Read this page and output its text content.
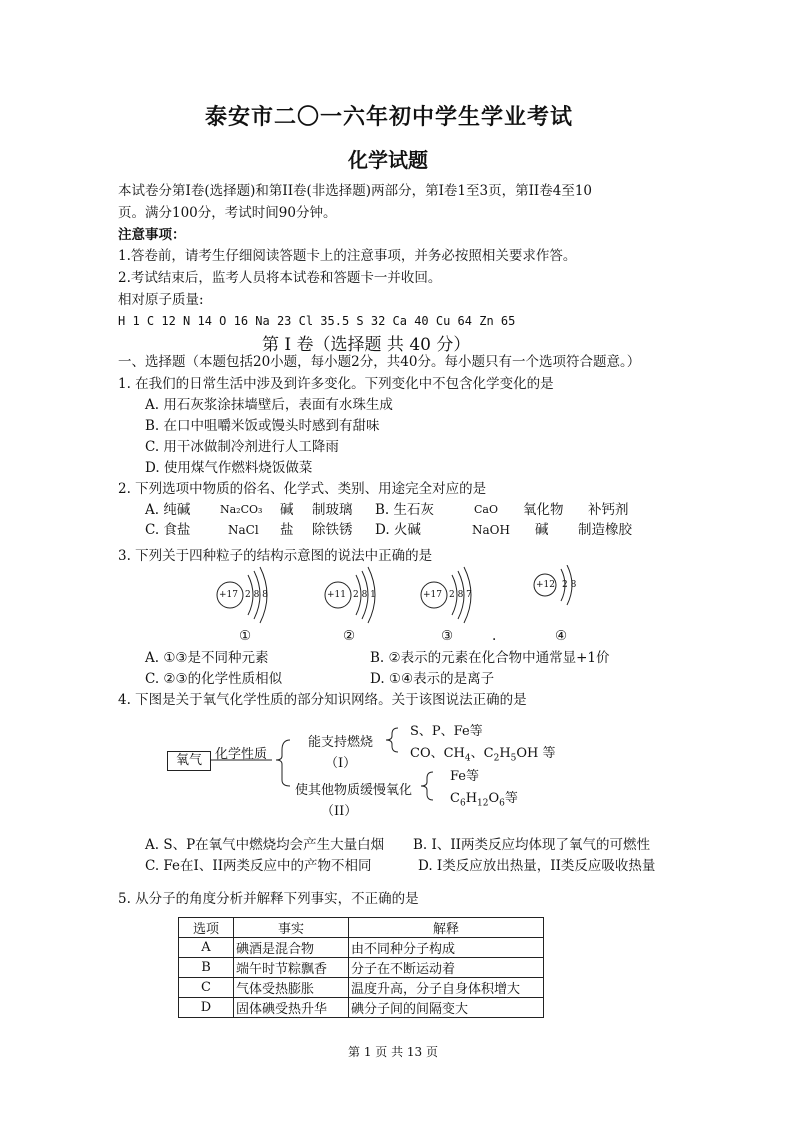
泰安市二〇一六年初中学生学业考试
化学试题
本试卷分第I卷(选择题)和第II卷(非选择题)两部分，第I卷1至3页，第II卷4至10
页。满分100分，考试时间90分钟。
注意事项：
1.答卷前，请考生仔细阅读答题卡上的注意事项，并务必按照相关要求作答。
2.考试结束后，监考人员将本试卷和答题卡一并收回。
相对原子质量:
H 1 C 12 N 14 O 16 Na 23 Cl 35.5 S 32 Ca 40 Cu 64 Zn 65
第 I 卷（选择题 共 40 分）
一、选择题（本题包括20小题，每小题2分，共40分。每小题只有一个选项符合题意。）
1. 在我们的日常生活中涉及到许多变化。下列变化中不包含化学变化的是
A. 用石灰浆涂抹墙壁后，表面有水珠生成
B. 在口中咀嚼米饭或馒头时感到有甜味
C. 用干冰做制冷剂进行人工降雨
D. 使用煤气作燃料烧饭做菜
2. 下列选项中物质的俗名、化学式、类别、用途完全对应的是
A. 纯碱	Na₂CO₃ 碱 制玻璃 B. 生石灰	CaO 氧化物 补钙剂
C. 食盐	NaCl 盐 除铁锈 D. 火碱	NaOH 碱 制造橡胶
3. 下列关于四种粒子的结构示意图的说法中正确的是
+17 2 8 8	+11 2 8 1	+17 2 8 7
+12 2 8
①	②	③	.	④
A. ①③是不同种元素	B. ②表示的元素在化合物中通常显+1价
C. ②③的化学性质相似	D. ①④表示的是离子
4. 下图是关于氧气化学性质的部分知识网络。关于该图说法正确的是
氧气	化学性质
能支持燃烧
（I）
S、P、Fe等
CO、$CH_4$、$C_2H_5OH$ 等
使其他物质缓慢氧化
（II）
Fe等
$C_6H_{12}O_6$等
A. S、P在氧气中燃烧均会产生大量白烟 B. I、II两类反应均体现了氧气的可燃性
C. Fe在I、II两类反应中的产物不相同	D. I类反应放出热量，II类反应吸收热量
5. 从分子的角度分析并解释下列事实，不正确的是
选项	事实	解释
A	碘酒是混合物	由不同种分子构成
B	端午时节粽飘香	分子在不断运动着
C	气体受热膨胀	温度升高，分子自身体积增大
D	固体碘受热升华	碘分子间的间隔变大
第 1 页 共 13 页
